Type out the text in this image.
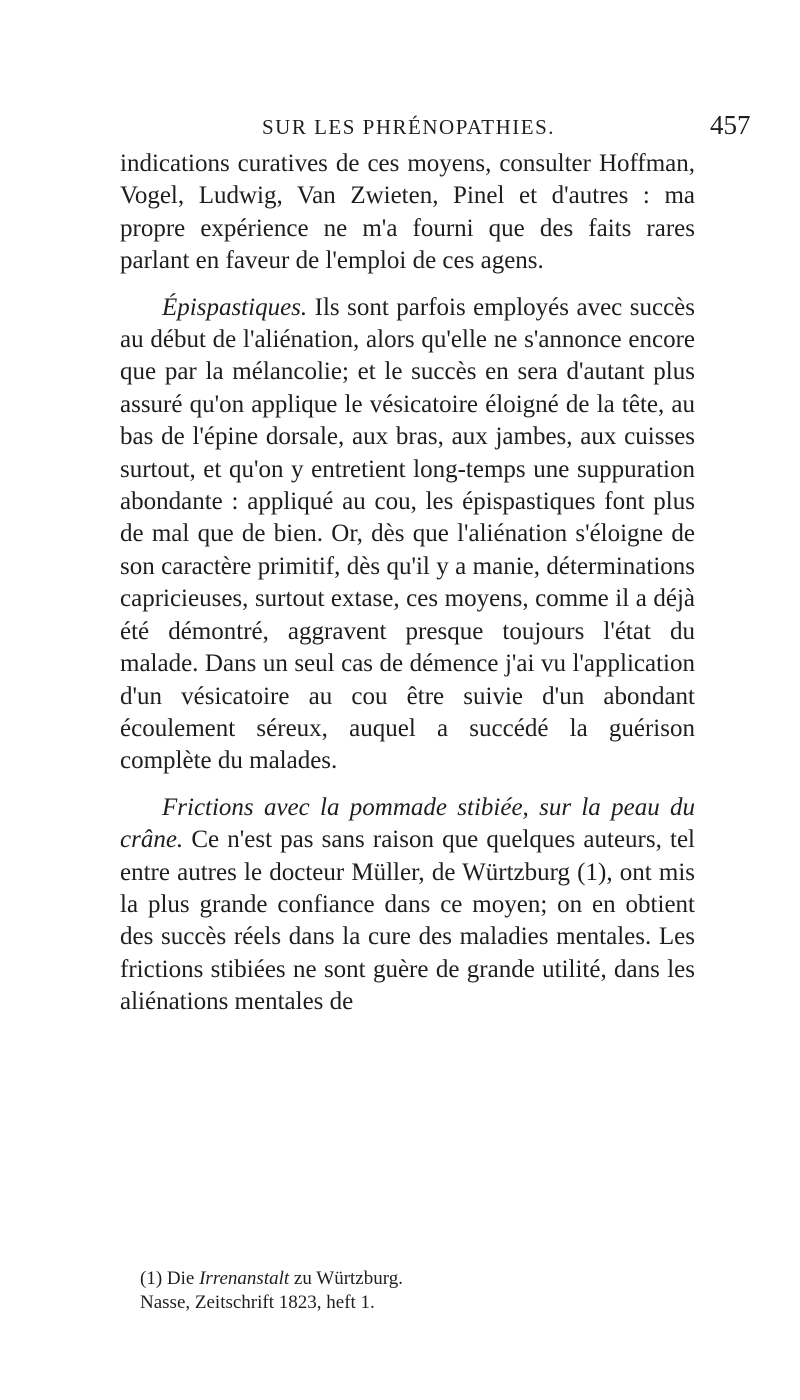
SUR LES PHRÉNOPATHIES.	457

indications curatives de ces moyens, consulter Hoffman, Vogel, Ludwig, Van Zwieten, Pinel et d'autres : ma propre expérience ne m'a fourni que des faits rares parlant en faveur de l'emploi de ces agens.

Épispastiques. Ils sont parfois employés avec succès au début de l'aliénation, alors qu'elle ne s'annonce encore que par la mélancolie; et le succès en sera d'autant plus assuré qu'on applique le vésicatoire éloigné de la tête, au bas de l'épine dorsale, aux bras, aux jambes, aux cuisses surtout, et qu'on y entretient long-temps une suppuration abondante : appliqué au cou, les épispastiques font plus de mal que de bien. Or, dès que l'aliénation s'éloigne de son caractère primitif, dès qu'il y a manie, déterminations capricieuses, surtout extase, ces moyens, comme il a déjà été démontré, aggravent presque toujours l'état du malade. Dans un seul cas de démence j'ai vu l'application d'un vésicatoire au cou être suivie d'un abondant écoulement séreux, auquel a succédé la guérison complète du malades.

Frictions avec la pommade stibiée, sur la peau du crâne. Ce n'est pas sans raison que quelques auteurs, tel entre autres le docteur Müller, de Würtzburg (1), ont mis la plus grande confiance dans ce moyen; on en obtient des succès réels dans la cure des maladies mentales. Les frictions stibiées ne sont guère de grande utilité, dans les aliénations mentales de

(1) Die Irrenanstalt zu Würtzburg.
Nasse, Zeitschrift 1823, heft 1.
